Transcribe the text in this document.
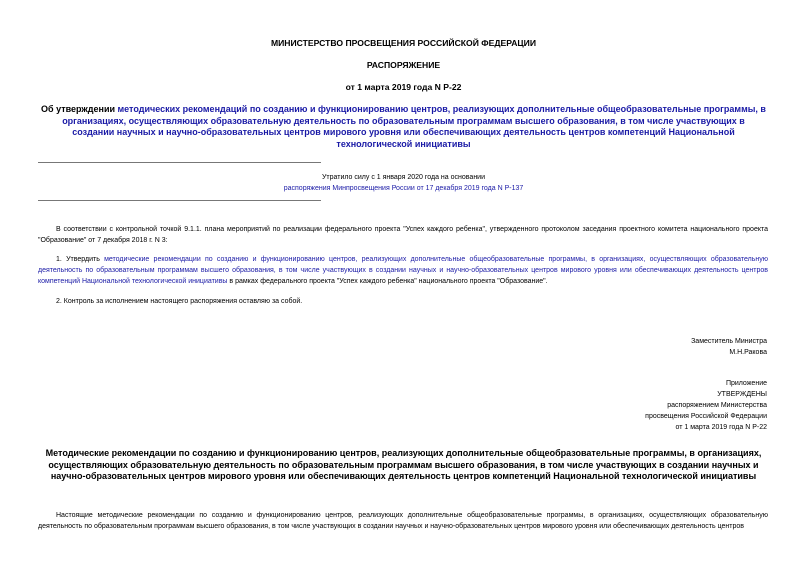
МИНИСТЕРСТВО ПРОСВЕЩЕНИЯ РОССИЙСКОЙ ФЕДЕРАЦИИ
РАСПОРЯЖЕНИЕ
от 1 марта 2019 года N Р-22
Об утверждении методических рекомендаций по созданию и функционированию центров, реализующих дополнительные общеобразовательные программы, в организациях, осуществляющих образовательную деятельность по образовательным программам высшего образования, в том числе участвующих в создании научных и научно-образовательных центров мирового уровня или обеспечивающих деятельность центров компетенций Национальной технологической инициативы
Утратило силу с 1 января 2020 года на основании
распоряжения Минпросвещения России от 17 декабря 2019 года N Р-137
В соответствии с контрольной точкой 9.1.1. плана мероприятий по реализации федерального проекта "Успех каждого ребенка", утвержденного протоколом заседания проектного комитета национального проекта "Образование" от 7 декабря 2018 г. N 3:
1. Утвердить методические рекомендации по созданию и функционированию центров, реализующих дополнительные общеобразовательные программы, в организациях, осуществляющих образовательную деятельность по образовательным программам высшего образования, в том числе участвующих в создании научных и научно-образовательных центров мирового уровня или обеспечивающих деятельность центров компетенций Национальной технологической инициативы в рамках федерального проекта "Успех каждого ребенка" национального проекта "Образование".
2. Контроль за исполнением настоящего распоряжения оставляю за собой.
Заместитель Министра
М.Н.Ракова
Приложение
УТВЕРЖДЕНЫ
распоряжением Министерства
просвещения Российской Федерации
от 1 марта 2019 года N Р-22
Методические рекомендации по созданию и функционированию центров, реализующих дополнительные общеобразовательные программы, в организациях, осуществляющих образовательную деятельность по образовательным программам высшего образования, в том числе участвующих в создании научных и научно-образовательных центров мирового уровня или обеспечивающих деятельность центров компетенций Национальной технологической инициативы
Настоящие методические рекомендации по созданию и функционированию центров, реализующих дополнительные общеобразовательные программы, в организациях, осуществляющих образовательную деятельность по образовательным программам высшего образования, в том числе участвующих в создании научных и научно-образовательных центров мирового уровня или обеспечивающих деятельность центров
